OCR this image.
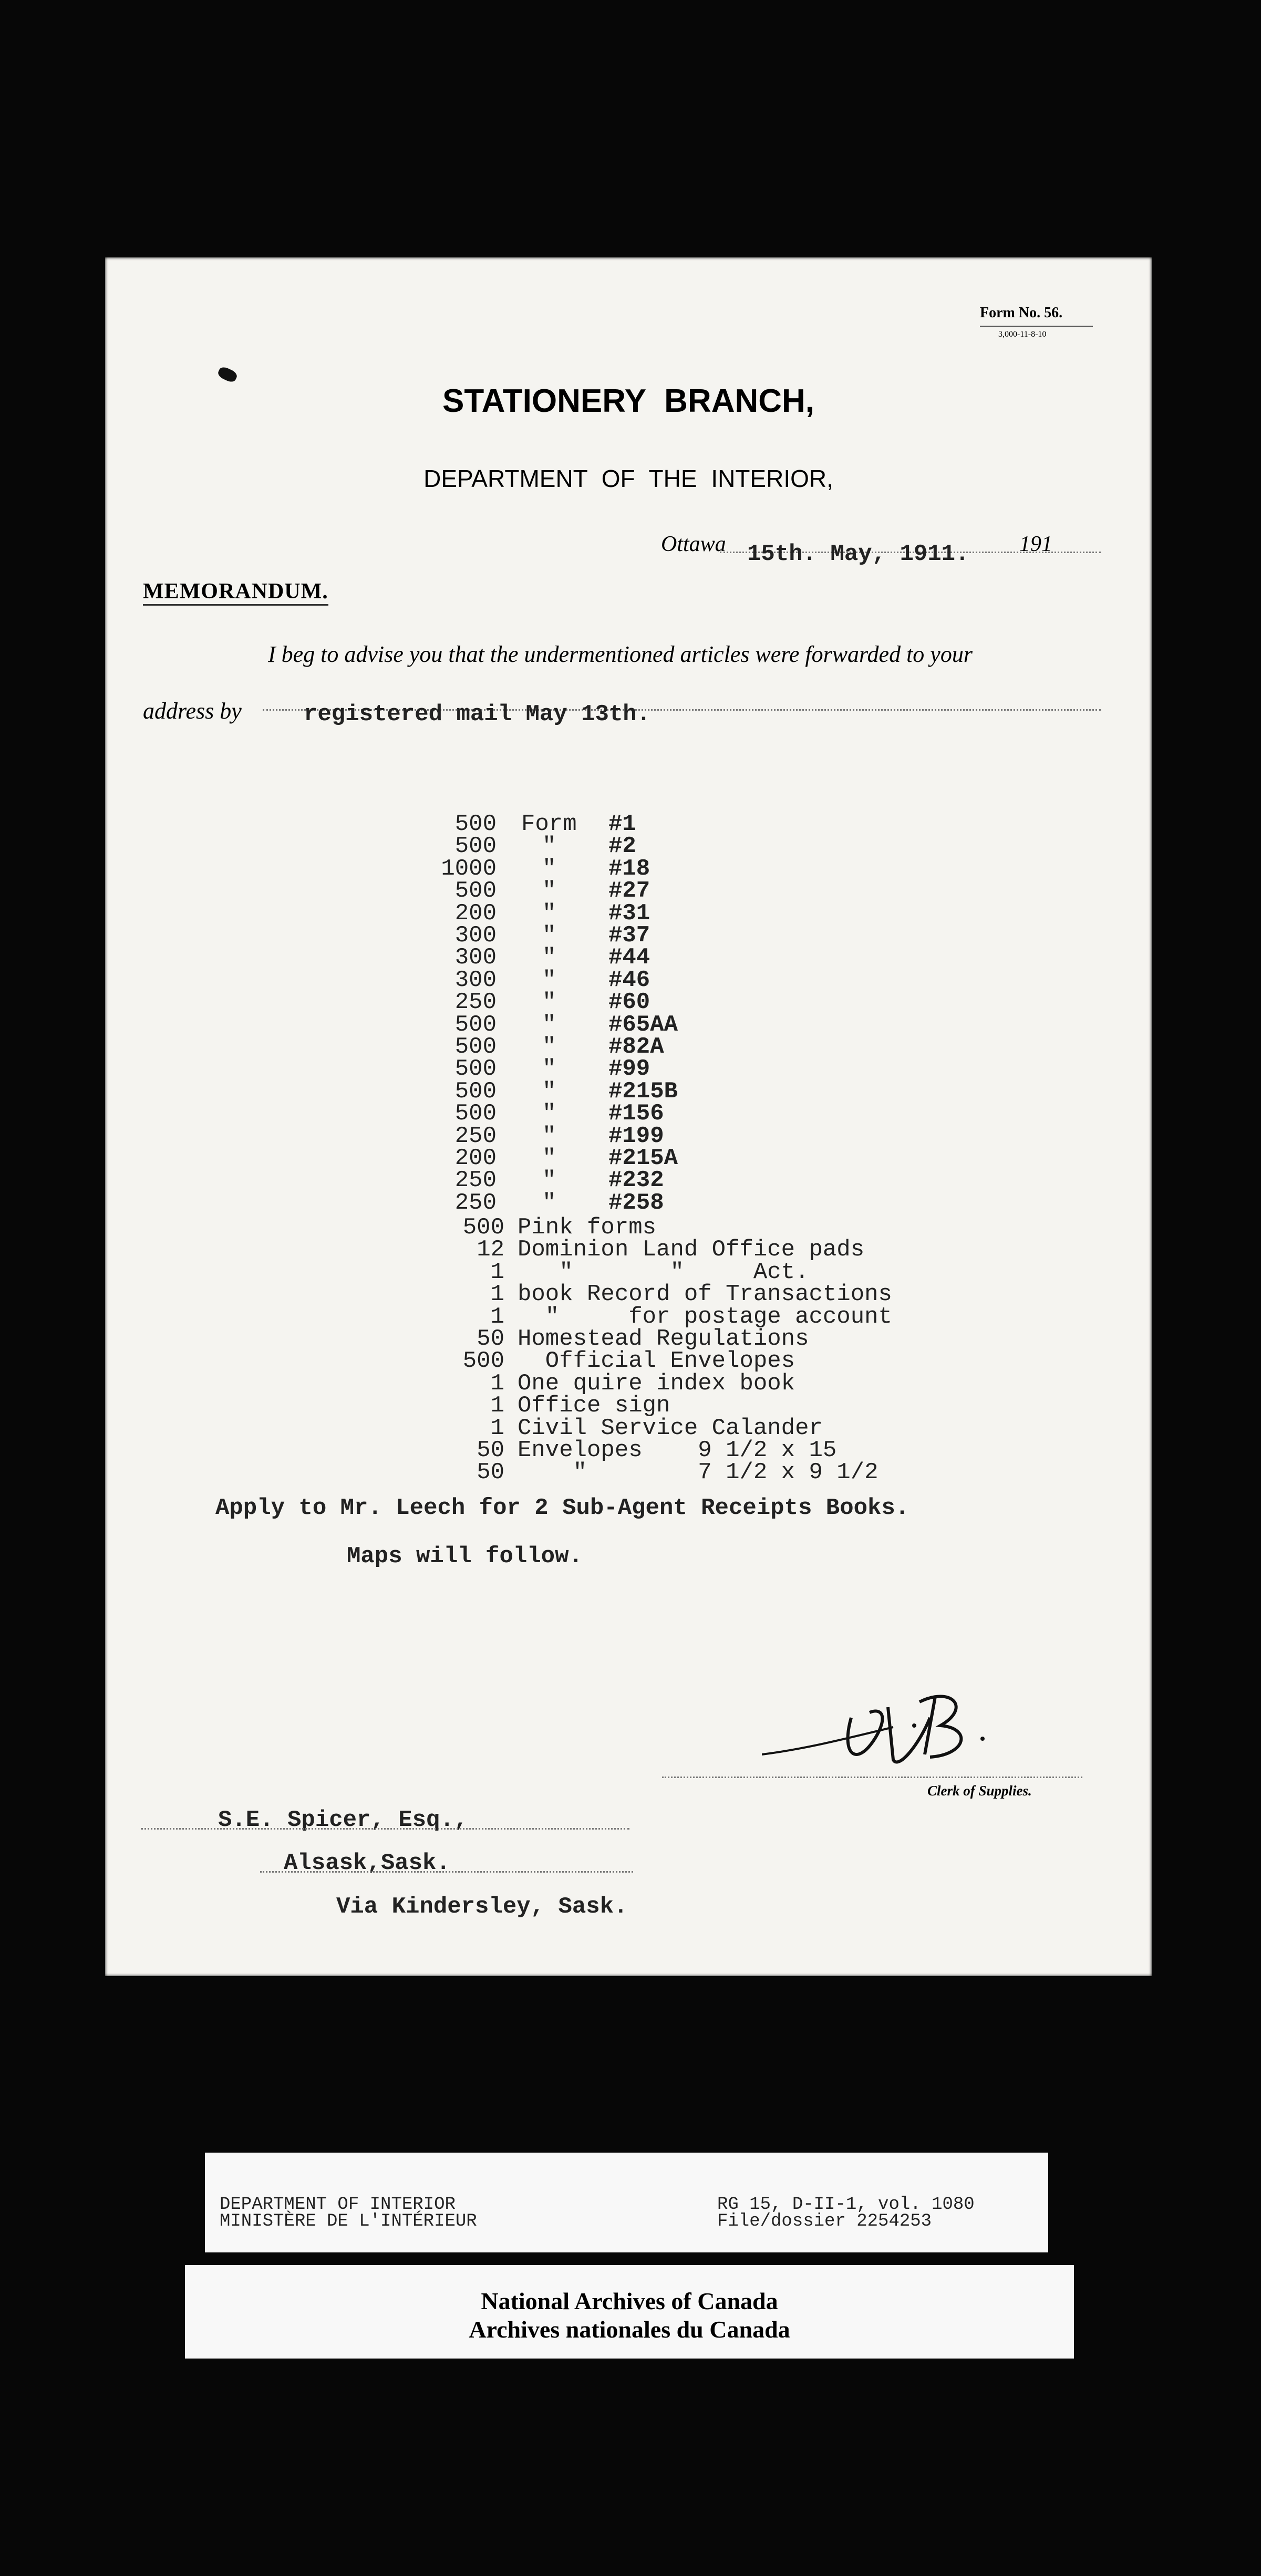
Form No. 56.
3,000-11-8-10
STATIONERY BRANCH,
DEPARTMENT OF THE INTERIOR,
Ottawa 15th. May, 1911. 191
MEMORANDUM.
I beg to advise you that the undermentioned articles were forwarded to your
address by	registered mail May 13th.
500 Form #1
500 " #2
1000 " #18
500 " #27
200 " #31
300 " #37
300 " #44
300 " #46
250 " #60
500 " #65AA
500 " #82A
500 " #99
500 " #215B
500 " #156
250 " #199
200 " #215A
250 " #232
250 " #258
500 Pink forms
12 Dominion Land Office pads
1 "       "     Act.
1 book Record of Transactions
1 "     for postage account
50 Homestead Regulations
500 Official Envelopes
1 One quire index book
1 Office sign
1 Civil Service Calander
50 Envelopes    9 1/2 x 15
50 "        7 1/2 x 9 1/2
Apply to Mr. Leech for 2 Sub-Agent Receipts Books.
Maps will follow.
Clerk of Supplies.
S.E. Spicer, Esq.,
Alsask,Sask.
Via Kindersley, Sask.
DEPARTMENT OF INTERIOR
MINISTÈRE DE L'INTÉRIEUR
RG 15, D-II-1, vol. 1080
File/dossier 2254253
National Archives of Canada
Archives nationales du Canada
